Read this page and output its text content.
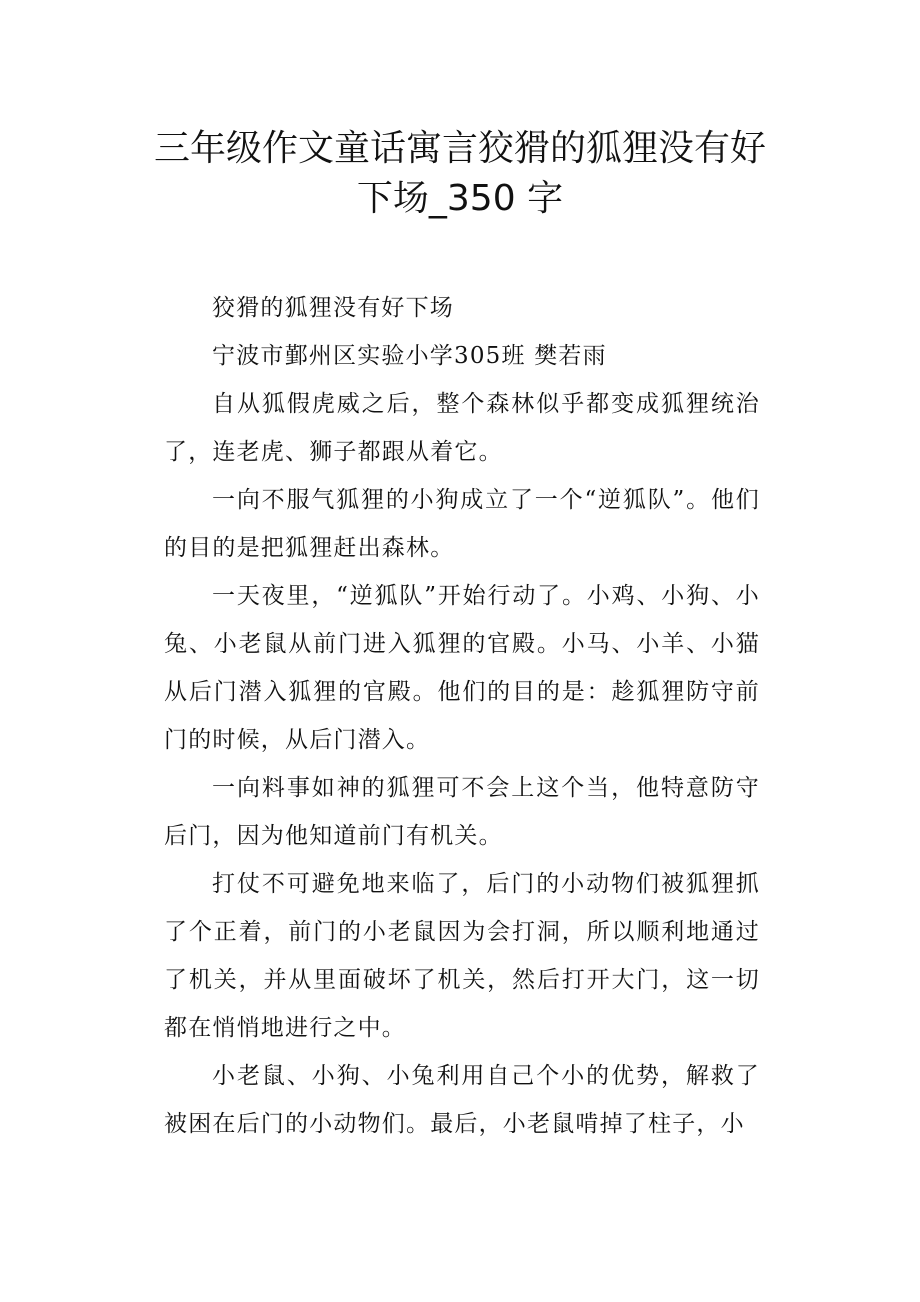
三年级作文童话寓言狡猾的狐狸没有好
下场_350 字

狡猾的狐狸没有好下场

宁波市鄞州区实验小学305班 樊若雨

自从狐假虎威之后，整个森林似乎都变成狐狸统治了，连老虎、狮子都跟从着它。

一向不服气狐狸的小狗成立了一个“逆狐队”。他们的目的是把狐狸赶出森林。

一天夜里，“逆狐队”开始行动了。小鸡、小狗、小兔、小老鼠从前门进入狐狸的官殿。小马、小羊、小猫从后门潜入狐狸的官殿。他们的目的是：趁狐狸防守前门的时候，从后门潜入。

一向料事如神的狐狸可不会上这个当，他特意防守后门，因为他知道前门有机关。

打仗不可避免地来临了，后门的小动物们被狐狸抓了个正着，前门的小老鼠因为会打洞，所以顺利地通过了机关，并从里面破坏了机关，然后打开大门，这一切都在悄悄地进行之中。

小老鼠、小狗、小兔利用自己个小的优势，解救了被困在后门的小动物们。最后，小老鼠啃掉了柱子，小
